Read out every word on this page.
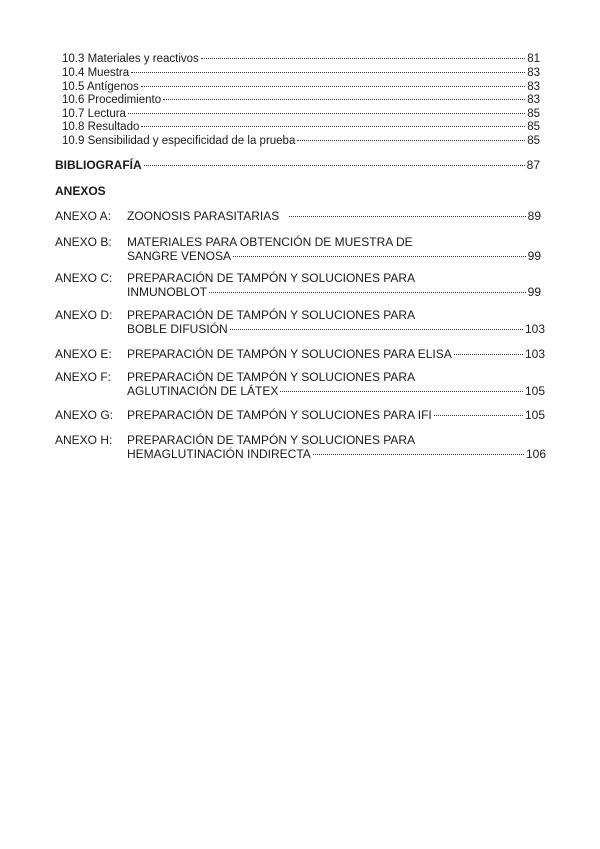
10.3 Materiales y reactivos	81
10.4 Muestra	83
10.5 Antígenos	83
10.6 Procedimiento	83
10.7 Lectura	85
10.8 Resultado	85
10.9 Sensibilidad y especificidad de la prueba	85
BIBLIOGRAFÍA	87
ANEXOS
ANEXO A:	ZOONOSIS PARASITARIAS	89
ANEXO B:	MATERIALES PARA OBTENCIÓN DE MUESTRA DE
SANGRE VENOSA	99
ANEXO C:	PREPARACIÓN DE TAMPÓN Y SOLUCIONES PARA
INMUNOBLOT	99
ANEXO D:	PREPARACIÓN DE TAMPÓN Y SOLUCIONES PARA
BOBLE DIFUSIÓN	103
ANEXO E:	PREPARACIÓN DE TAMPÓN Y SOLUCIONES PARA ELISA	103
ANEXO F:	PREPARACIÓN DE TAMPÓN Y SOLUCIONES PARA
AGLUTINACIÓN DE LÁTEX	105
ANEXO G:	PREPARACIÓN DE TAMPÓN Y SOLUCIONES PARA IFI	105
ANEXO H:	PREPARACIÓN DE TAMPÓN Y SOLUCIONES PARA
HEMAGLUTINACIÓN INDIRECTA	106
